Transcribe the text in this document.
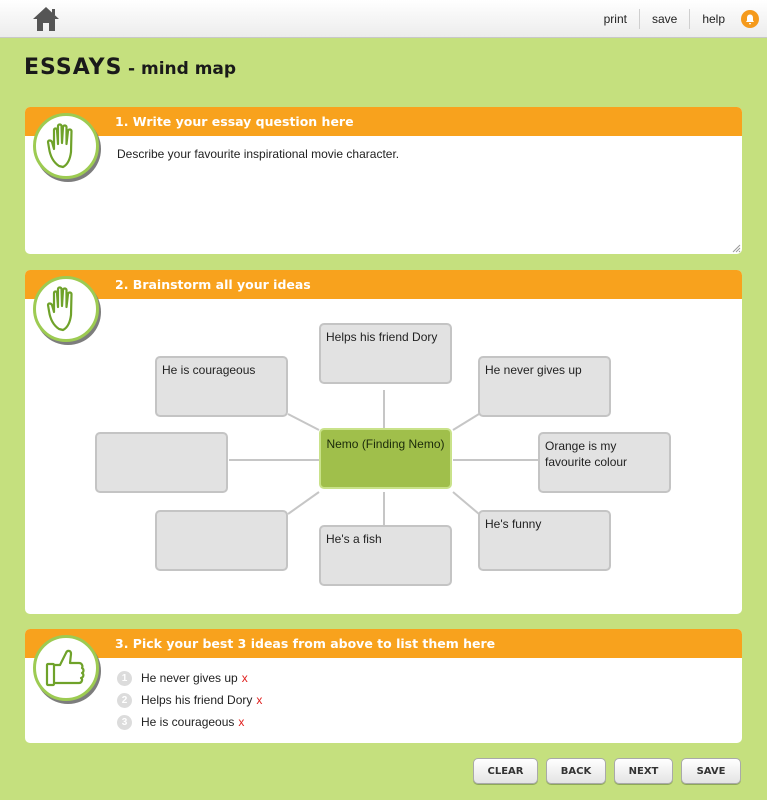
print	save	help
ESSAYS - mind map
1. Write your essay question here
Describe your favourite inspirational movie character.
2. Brainstorm all your ideas
Helps his friend Dory
He is courageous	He never gives up
Orange is my favourite colour
He's a fish
He's funny
Nemo (Finding Nemo)
3. Pick your best 3 ideas from above to list them here
1	He never gives up x
2	Helps his friend Dory x
3	He is courageous x
CLEAR	BACK	NEXT	SAVE
